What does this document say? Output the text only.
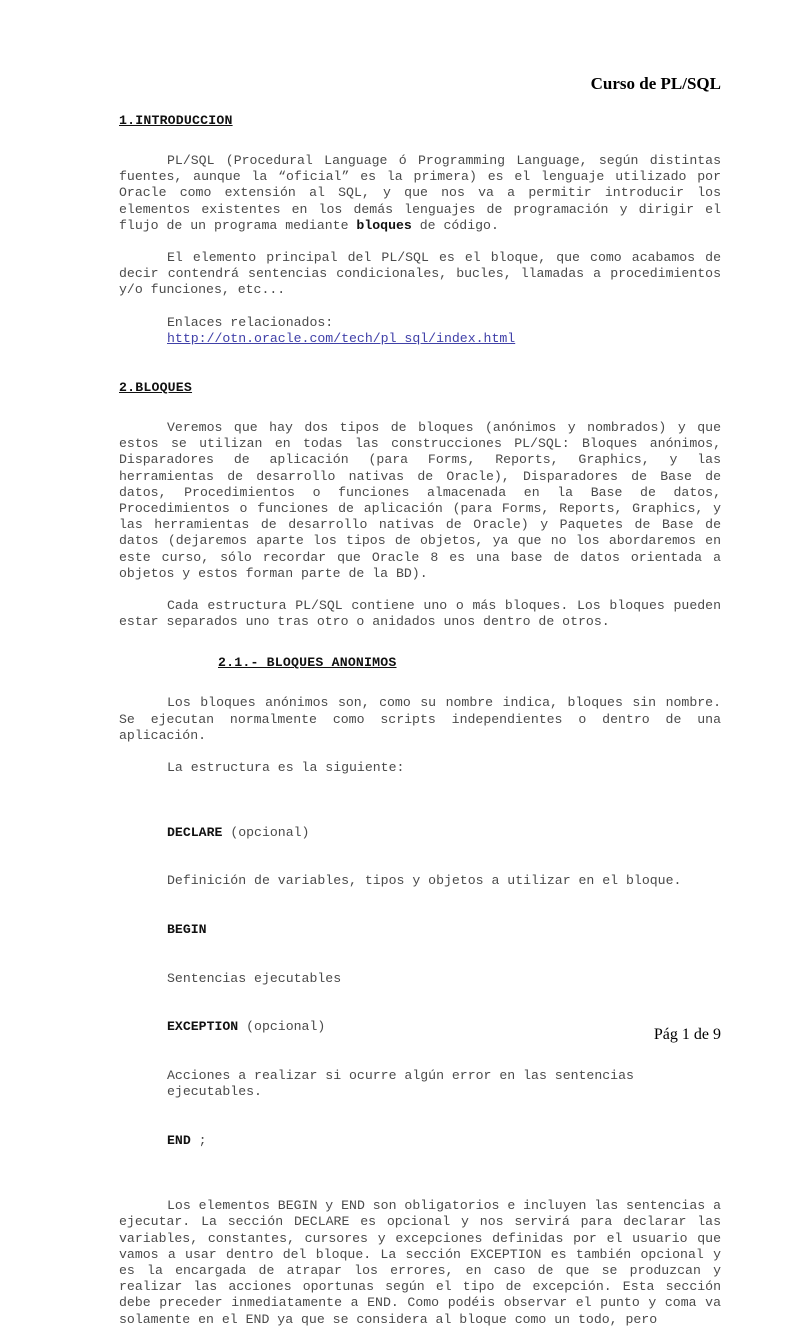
Curso de PL/SQL
1.INTRODUCCION

PL/SQL (Procedural Language ó Programming Language, según distintas fuentes, aunque la “oficial” es la primera) es el lenguaje utilizado por Oracle como extensión al SQL, y que nos va a permitir introducir los elementos existentes en los demás lenguajes de programación y dirigir el flujo de un programa mediante bloques de código.

El elemento principal del PL/SQL es el bloque, que como acabamos de decir contendrá sentencias condicionales, bucles, llamadas a procedimientos y/o funciones, etc...

Enlaces relacionados:
http://otn.oracle.com/tech/pl_sql/index.html
2.BLOQUES

Veremos que hay dos tipos de bloques (anónimos y nombrados) y que estos se utilizan en todas las construcciones PL/SQL: Bloques anónimos, Disparadores de aplicación (para Forms, Reports, Graphics, y las herramientas de desarrollo nativas de Oracle), Disparadores de Base de datos, Procedimientos o funciones almacenada en la Base de datos, Procedimientos o funciones de aplicación (para Forms, Reports, Graphics, y las herramientas de desarrollo nativas de Oracle) y Paquetes de Base de datos (dejaremos aparte los tipos de objetos, ya que no los abordaremos en este curso, sólo recordar que Oracle 8 es una base de datos orientada a objetos y estos forman parte de la BD).

Cada estructura PL/SQL contiene uno o más bloques. Los bloques pueden estar separados uno tras otro o anidados unos dentro de otros.

2.1.- BLOQUES ANONIMOS

Los bloques anónimos son, como su nombre indica, bloques sin nombre. Se ejecutan normalmente como scripts independientes o dentro de una aplicación.

La estructura es la siguiente:

DECLARE (opcional)

Definición de variables, tipos y objetos a utilizar en el bloque.

BEGIN

Sentencias ejecutables

EXCEPTION (opcional)

Acciones a realizar si ocurre algún error en las sentencias ejecutables.

END ;

Los elementos BEGIN y END son obligatorios e incluyen las sentencias a ejecutar. La sección DECLARE es opcional y nos servirá para declarar las variables, constantes, cursores y excepciones definidas por el usuario que vamos a usar dentro del bloque. La sección EXCEPTION es también opcional y es la encargada de atrapar los errores, en caso de que se produzcan y realizar las acciones oportunas según el tipo de excepción. Esta sección debe preceder inmediatamente a END. Como podéis observar el punto y coma va solamente en el END ya que se considera al bloque como un todo, pero

Pág 1 de 9
